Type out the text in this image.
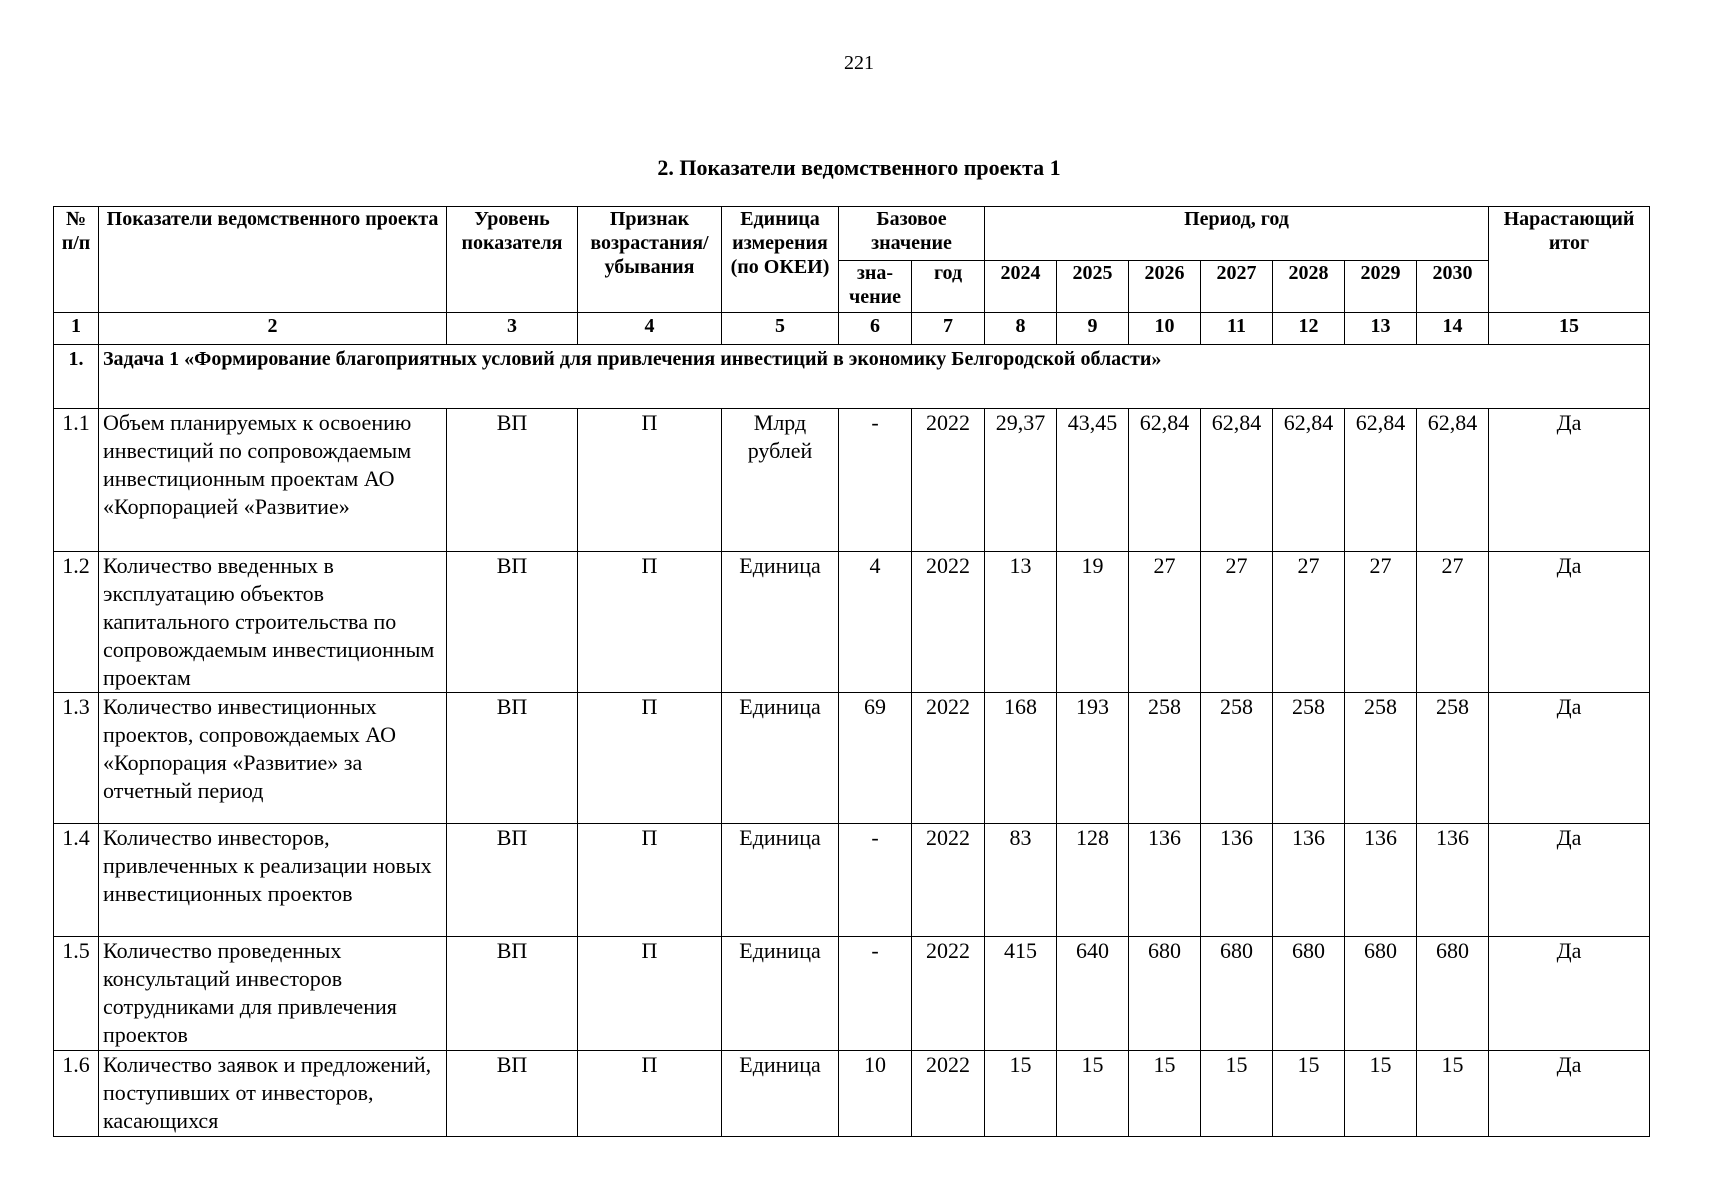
221
2. Показатели ведомственного проекта 1
№ п/п	Показатели ведомственного проекта	Уровень показателя	Признак возрастания/ убывания	Единица измерения (по ОКЕИ)	Базовое значение		Период, год							Нарастающий итог
					зна- чение	год	2024	2025	2026	2027	2028	2029	2030	
1	2	3	4	5	6	7	8	9	10	11	12	13	14	15
1.	Задача 1 «Формирование благоприятных условий для привлечения инвестиций в экономику Белгородской области»													
1.1	Объем планируемых к освоению инвестиций по сопровождаемым инвестиционным проектам АО «Корпорацией «Развитие»	ВП	П	Млрд рублей	-	2022	29,37	43,45	62,84	62,84	62,84	62,84	62,84	Да
1.2	Количество введенных в эксплуатацию объектов капитального строительства по сопровождаемым инвестиционным проектам	ВП	П	Единица	4	2022	13	19	27	27	27	27	27	Да
1.3	Количество инвестиционных проектов, сопровождаемых АО «Корпорация «Развитие» за отчетный период	ВП	П	Единица	69	2022	168	193	258	258	258	258	258	Да
1.4	Количество инвесторов, привлеченных к реализации новых инвестиционных проектов	ВП	П	Единица	-	2022	83	128	136	136	136	136	136	Да
1.5	Количество проведенных консультаций инвесторов сотрудниками для привлечения проектов	ВП	П	Единица	-	2022	415	640	680	680	680	680	680	Да
1.6	Количество заявок и предложений, поступивших от инвесторов, касающихся	ВП	П	Единица	10	2022	15	15	15	15	15	15	15	Да
